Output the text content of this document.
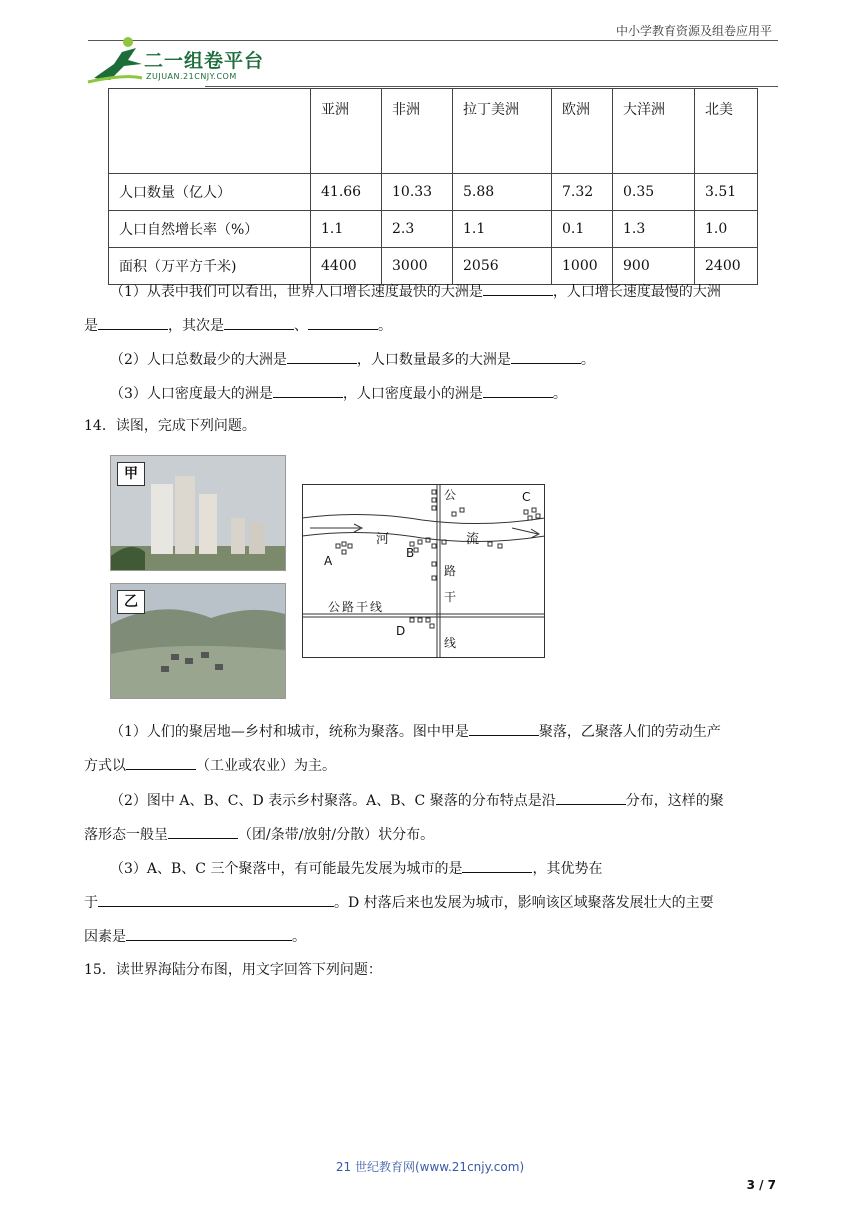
中小学教育资源及组卷应用平
二一组卷平台
ZUJUAN.21CNJY.COM
	亚洲	非洲	拉丁美洲	欧洲	大洋洲	北美
人口数量（亿人）	41.66	10.33	5.88	7.32	0.35	3.51
人口自然增长率（%）	1.1	2.3	1.1	0.1	1.3	1.0
面积（万平方千米)	4400	3000	2056	1000	900	2400
（1）从表中我们可以看出，世界人口增长速度最快的大洲是	，人口增长速度最慢的大洲
是	，其次是	、	。
（2）人口总数最少的大洲是	，人口数量最多的大洲是	。
（3）人口密度最大的洲是	，人口密度最小的洲是	。
14．读图，完成下列问题。
甲
乙
河	流
公
路
干
线
公路干线
A
B
C
D
（1）人们的聚居地—乡村和城市，统称为聚落。图中甲是	聚落，乙聚落人们的劳动生产
方式以	（工业或农业）为主。
（2）图中 A、B、C、D 表示乡村聚落。A、B、C 聚落的分布特点是沿	分布，这样的聚
落形态一般呈	（团/条带/放射/分散）状分布。
（3）A、B、C 三个聚落中，有可能最先发展为城市的是	，其优势在
于	。D 村落后来也发展为城市，影响该区域聚落发展壮大的主要
因素是	。
15．读世界海陆分布图，用文字回答下列问题：
21 世纪教育网(www.21cnjy.com)
3 / 7
